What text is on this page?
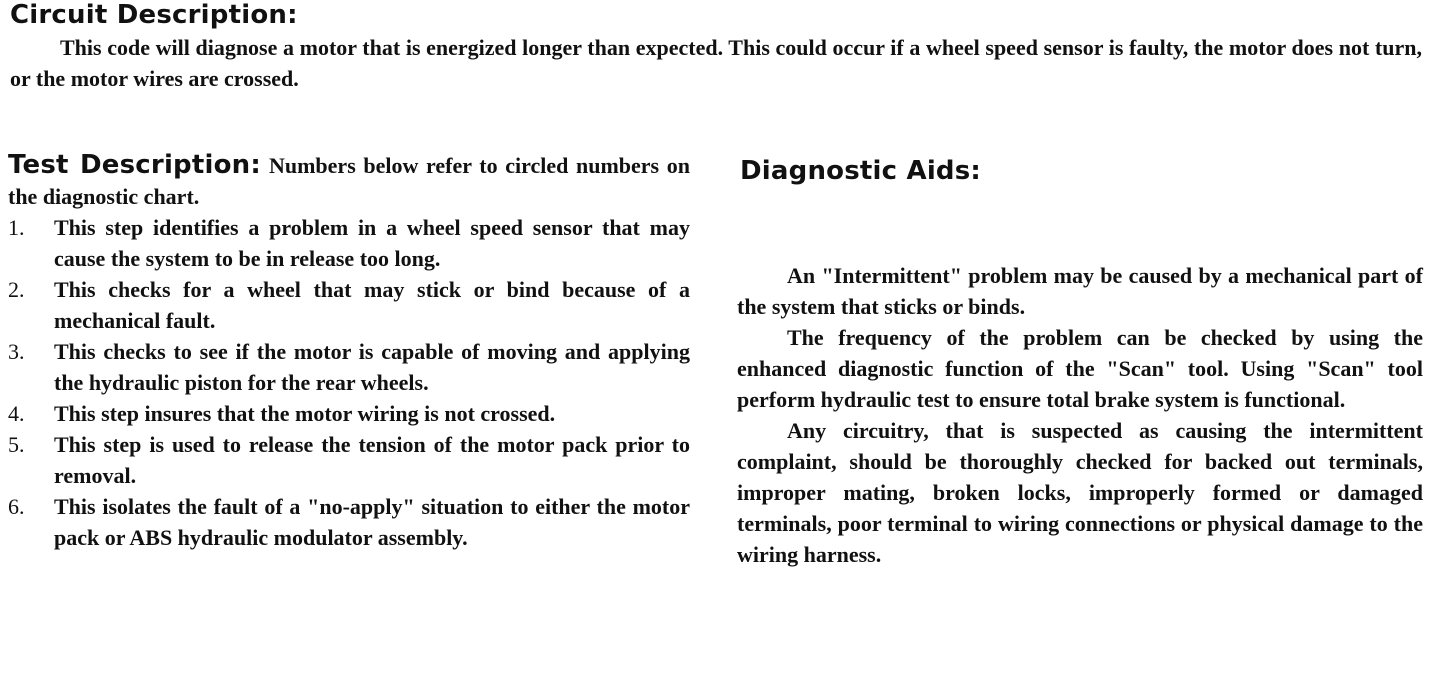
Circuit Description:
This code will diagnose a motor that is energized longer than expected. This could occur if a wheel speed sensor is faulty, the motor does not turn, or the motor wires are crossed.
Test Description: Numbers below refer to circled numbers on the diagnostic chart.
1. This step identifies a problem in a wheel speed sensor that may cause the system to be in release too long.
2. This checks for a wheel that may stick or bind because of a mechanical fault.
3. This checks to see if the motor is capable of moving and applying the hydraulic piston for the rear wheels.
4. This step insures that the motor wiring is not crossed.
5. This step is used to release the tension of the motor pack prior to removal.
6. This isolates the fault of a "no-apply" situation to either the motor pack or ABS hydraulic modulator assembly.
Diagnostic Aids:

An "Intermittent" problem may be caused by a mechanical part of the system that sticks or binds.

The frequency of the problem can be checked by using the enhanced diagnostic function of the "Scan" tool. Using "Scan" tool perform hydraulic test to ensure total brake system is functional.

Any circuitry, that is suspected as causing the intermittent complaint, should be thoroughly checked for backed out terminals, improper mating, broken locks, improperly formed or damaged terminals, poor terminal to wiring connections or physical damage to the wiring harness.
